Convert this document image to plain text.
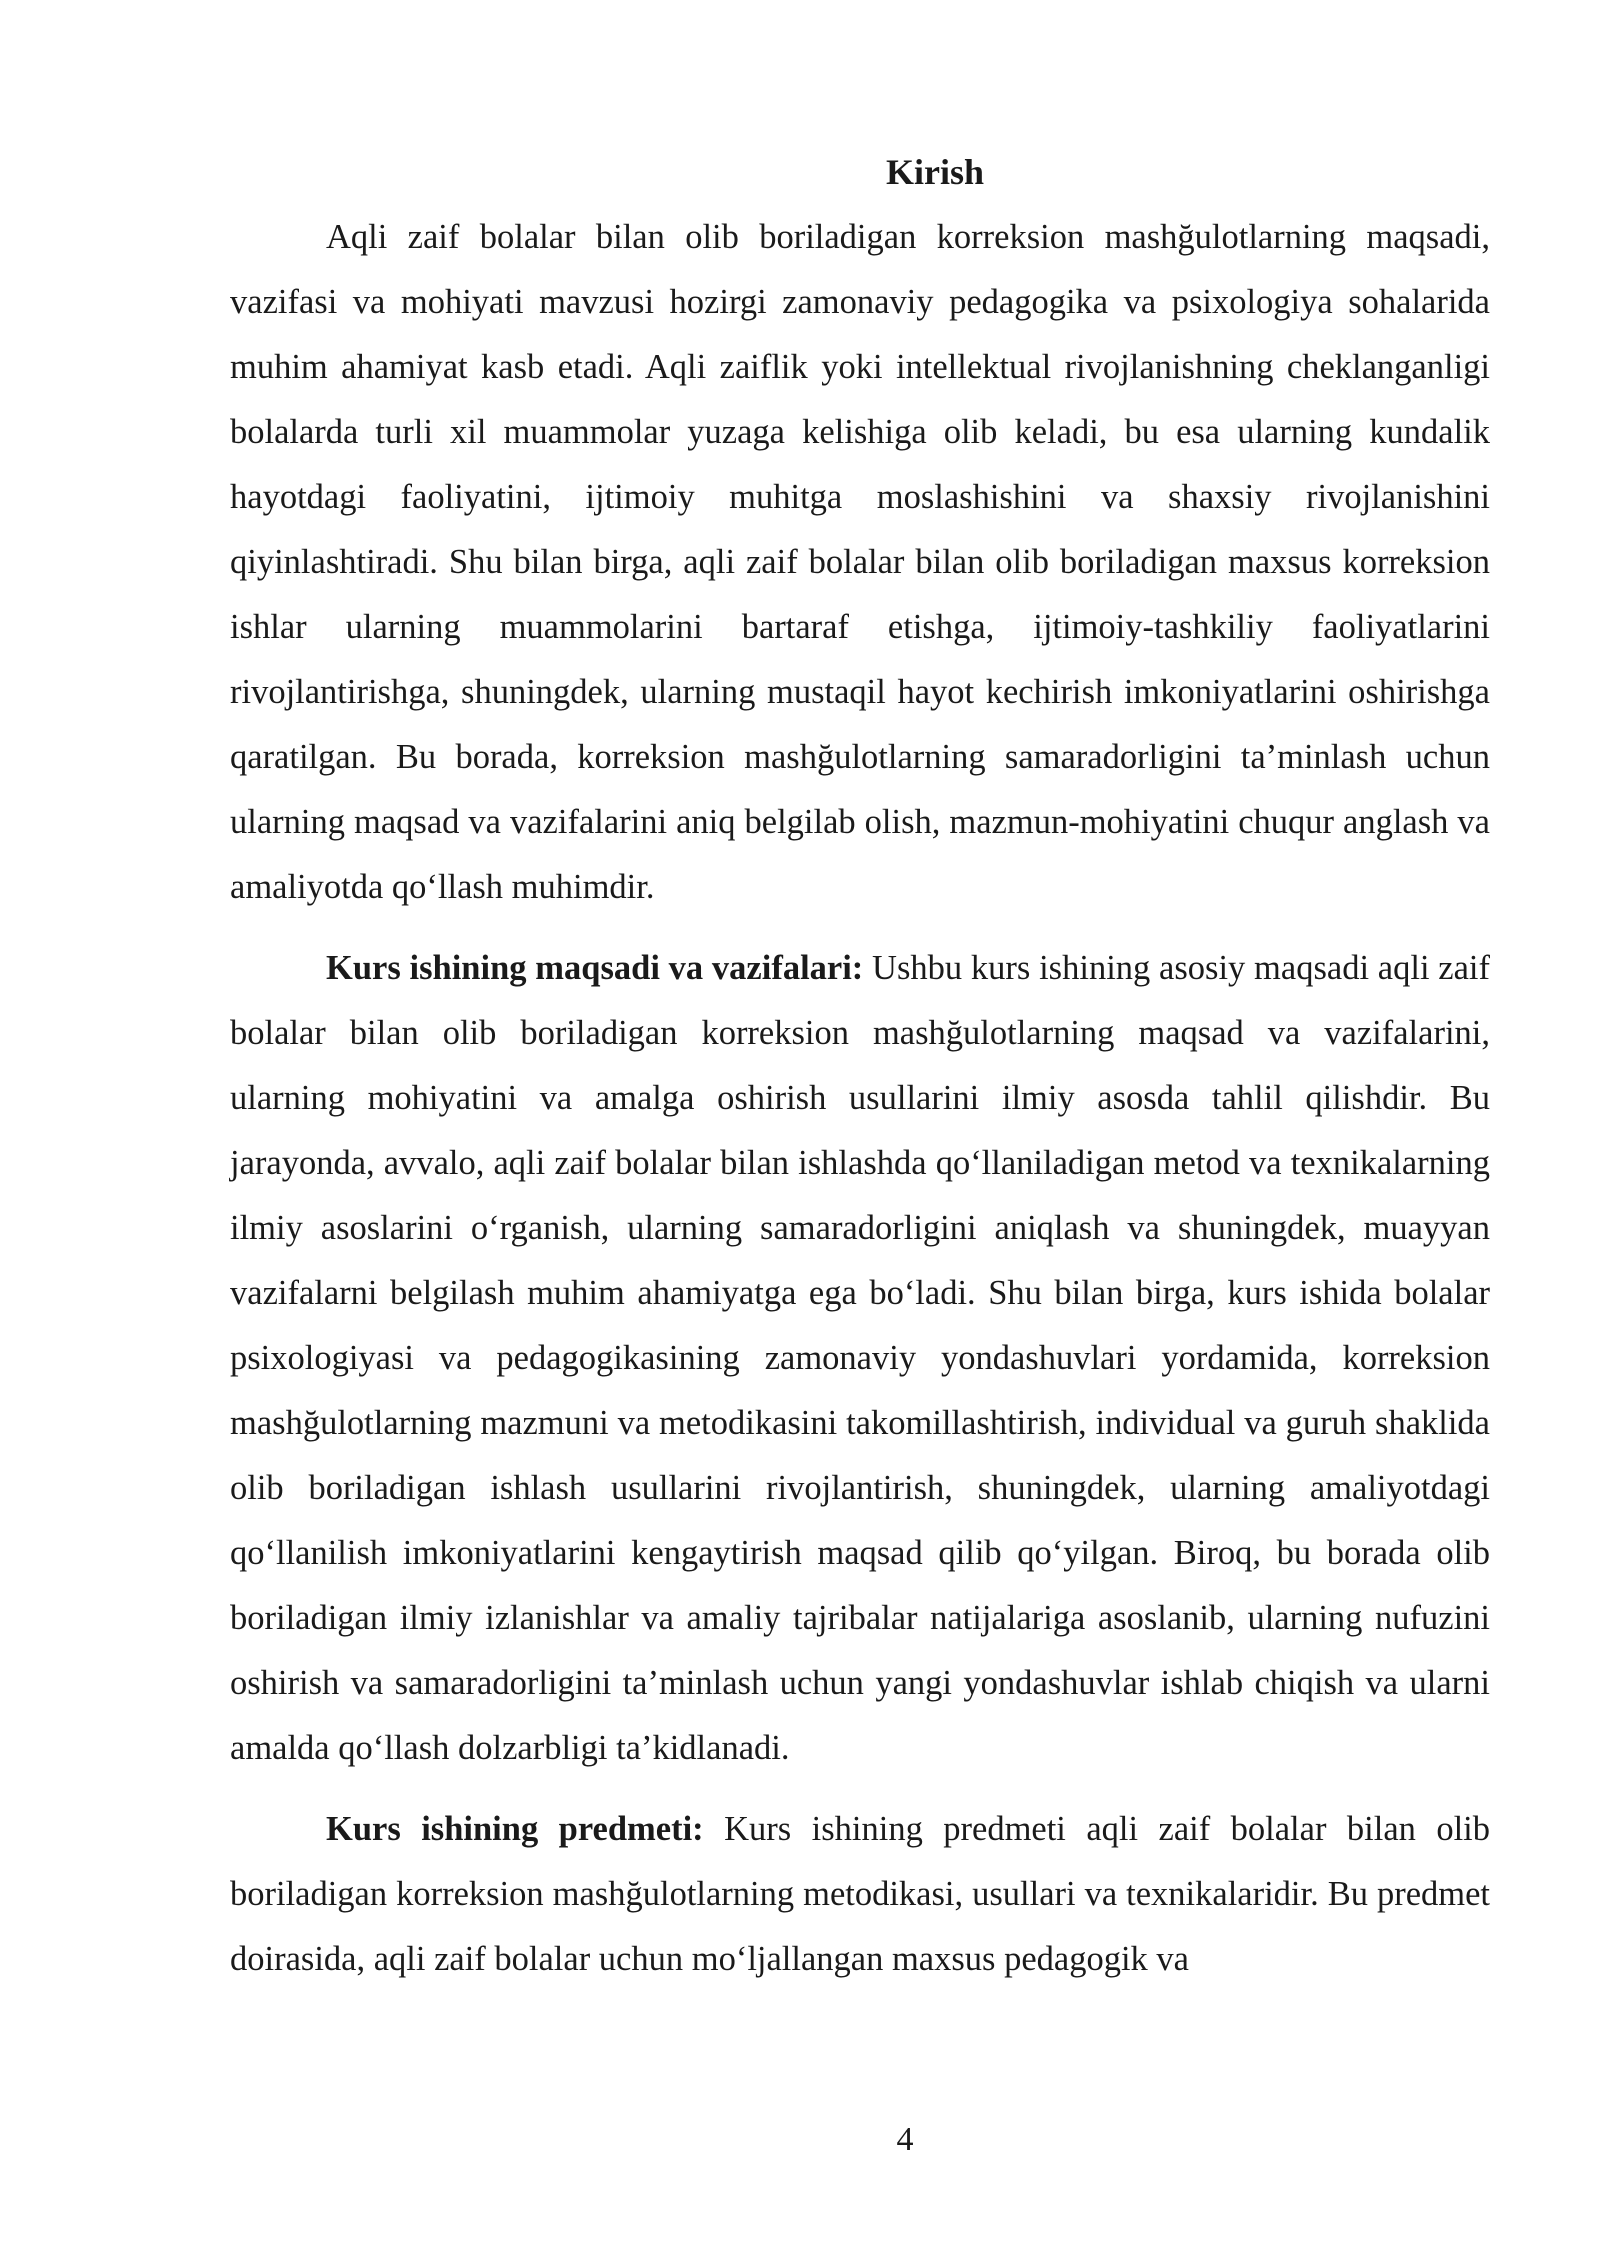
Kirish

Aqli zaif bolalar bilan olib boriladigan korreksion mashğulotlarning maqsadi, vazifasi va mohiyati mavzusi hozirgi zamonaviy pedagogika va psixologiya sohalarida muhim ahamiyat kasb etadi. Aqli zaiflik yoki intellektual rivojlanishning cheklanganligi bolalarda turli xil muammolar yuzaga kelishiga olib keladi, bu esa ularning kundalik hayotdagi faoliyatini, ijtimoiy muhitga moslashishini va shaxsiy rivojlanishini qiyinlashtiradi. Shu bilan birga, aqli zaif bolalar bilan olib boriladigan maxsus korreksion ishlar ularning muammolarini bartaraf etishga, ijtimoiy-tashkiliy faoliyatlarini rivojlantirishga, shuningdek, ularning mustaqil hayot kechirish imkoniyatlarini oshirishga qaratilgan. Bu borada, korreksion mashğulotlarning samaradorligini ta’minlash uchun ularning maqsad va vazifalarini aniq belgilab olish, mazmun-mohiyatini chuqur anglash va amaliyotda qo‘llash muhimdir.

Kurs ishining maqsadi va vazifalari: Ushbu kurs ishining asosiy maqsadi aqli zaif bolalar bilan olib boriladigan korreksion mashğulotlarning maqsad va vazifalarini, ularning mohiyatini va amalga oshirish usullarini ilmiy asosda tahlil qilishdir. Bu jarayonda, avvalo, aqli zaif bolalar bilan ishlashda qo‘llaniladigan metod va texnikalarning ilmiy asoslarini o‘rganish, ularning samaradorligini aniqlash va shuningdek, muayyan vazifalarni belgilash muhim ahamiyatga ega bo‘ladi. Shu bilan birga, kurs ishida bolalar psixologiyasi va pedagogikasining zamonaviy yondashuvlari yordamida, korreksion mashğulotlarning mazmuni va metodikasini takomillashtirish, individual va guruh shaklida olib boriladigan ishlash usullarini rivojlantirish, shuningdek, ularning amaliyotdagi qo‘llanilish imkoniyatlarini kengaytirish maqsad qilib qo‘yilgan. Biroq, bu borada olib boriladigan ilmiy izlanishlar va amaliy tajribalar natijalariga asoslanib, ularning nufuzini oshirish va samaradorligini ta’minlash uchun yangi yondashuvlar ishlab chiqish va ularni amalda qo‘llash dolzarbligi ta’kidlanadi.

Kurs ishining predmeti: Kurs ishining predmeti aqli zaif bolalar bilan olib boriladigan korreksion mashğulotlarning metodikasi, usullari va texnikalaridir. Bu predmet doirasida, aqli zaif bolalar uchun mo‘ljallangan maxsus pedagogik va

4
